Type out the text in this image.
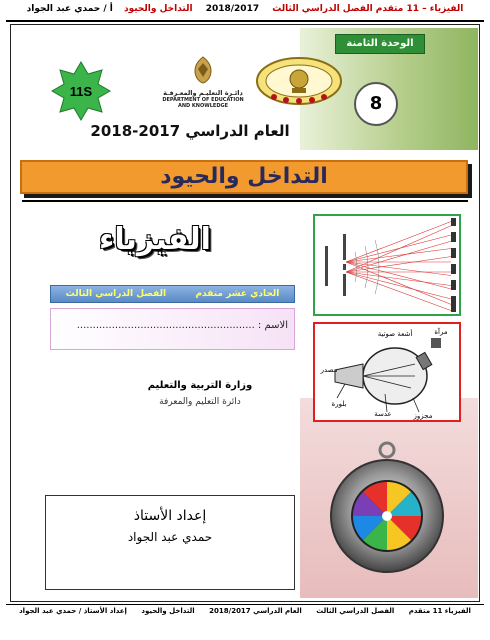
الفيزياء – 11 متقدم الفصل الدراسي الثالث 2018/2017 التداخل والحيود أ / حمدي عبد الجواد
الوحدة الثامنة
8
دائـرة التعليـم والمعـرفـة
DEPARTMENT OF EDUCATION
AND KNOWLEDGE
11S
العام الدراسي 2017-2018
التداخل والحيود
الفيزياء
الحادي عشر متقدم
الفصل الدراسي الثالث
الاسم : ........................................................
وزارة التربية والتعليم
دائرة التعليم والمعرفة
إعداد الأستاذ
حمدي عبد الجواد
أشعة صوتية
مصدر
بلورة
عدسة
مرآة
مجزوز
الفيزياء 11 متقدم الفصل الدراسي الثالث العام الدراسي 2018/2017 التداخل والحيود إعداد الأستاذ / حمدي عبد الجواد
